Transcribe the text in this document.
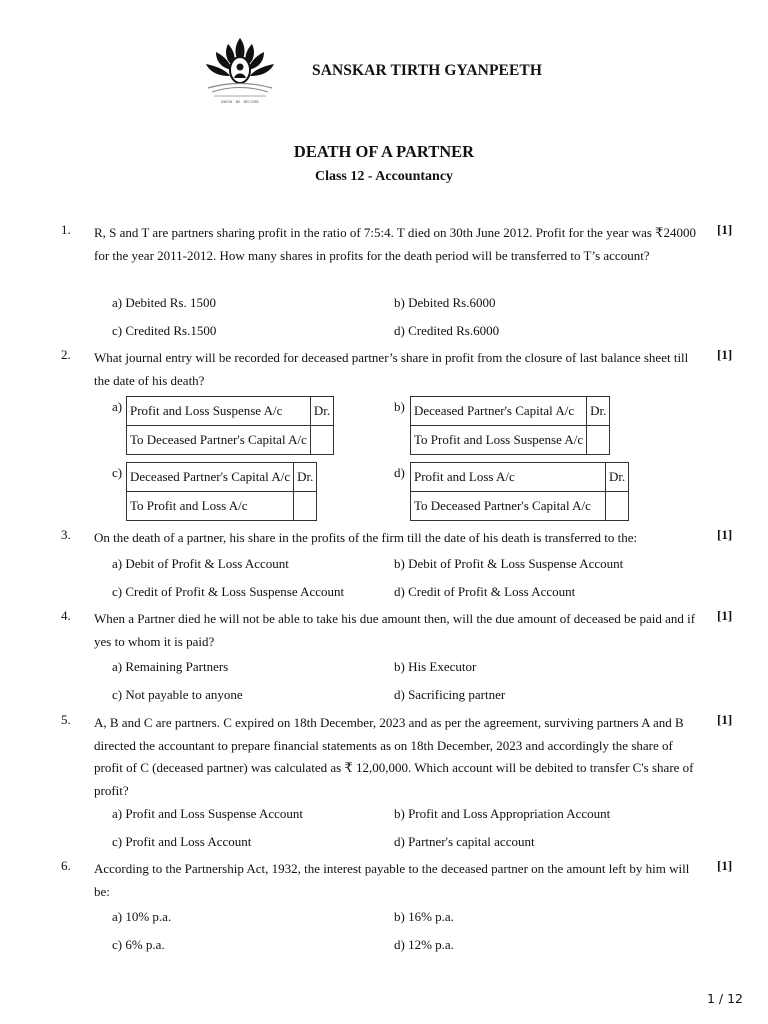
KNOW · BE · BECOME
SANSKAR TIRTH GYANPEETH
DEATH OF A PARTNER
Class 12 - Accountancy
1. R, S and T are partners sharing profit in the ratio of 7:5:4. T died on 30th June 2012. Profit for the year was ₹24000 for the year 2011-2012. How many shares in profits for the death period will be transferred to T’s account?
[1]
a) Debited Rs. 1500	b) Debited Rs.6000
c) Credited Rs.1500	d) Credited Rs.6000
2. What journal entry will be recorded for deceased partner’s share in profit from the closure of last balance sheet till the date of his death?
[1]
a) Profit and Loss Suspense A/c	Dr.
To Deceased Partner's Capital A/c	
b) Deceased Partner's Capital A/c	Dr.
To Profit and Loss Suspense A/c	
c) Deceased Partner's Capital A/c	Dr.
To Profit and Loss A/c	
d) Profit and Loss A/c	Dr.
To Deceased Partner's Capital A/c	
3. On the death of a partner, his share in the profits of the firm till the date of his death is transferred to the:	[1]
a) Debit of Profit & Loss Account	b) Debit of Profit & Loss Suspense Account
c) Credit of Profit & Loss Suspense Account	d) Credit of Profit & Loss Account
4. When a Partner died he will not be able to take his due amount then, will the due amount of deceased be paid and if yes to whom it is paid?
[1]
a) Remaining Partners	b) His Executor
c) Not payable to anyone	d) Sacrificing partner
5. A, B and C are partners. C expired on 18th December, 2023 and as per the agreement, surviving partners A and B directed the accountant to prepare financial statements as on 18th December, 2023 and accordingly the share of profit of C (deceased partner) was calculated as ₹ 12,00,000. Which account will be debited to transfer C's share of profit?
[1]
a) Profit and Loss Suspense Account	b) Profit and Loss Appropriation Account
c) Profit and Loss Account	d) Partner's capital account
6. According to the Partnership Act, 1932, the interest payable to the deceased partner on the amount left by him will be:
[1]
a) 10% p.a.	b) 16% p.a.
c) 6% p.a.	d) 12% p.a.
1 / 12
